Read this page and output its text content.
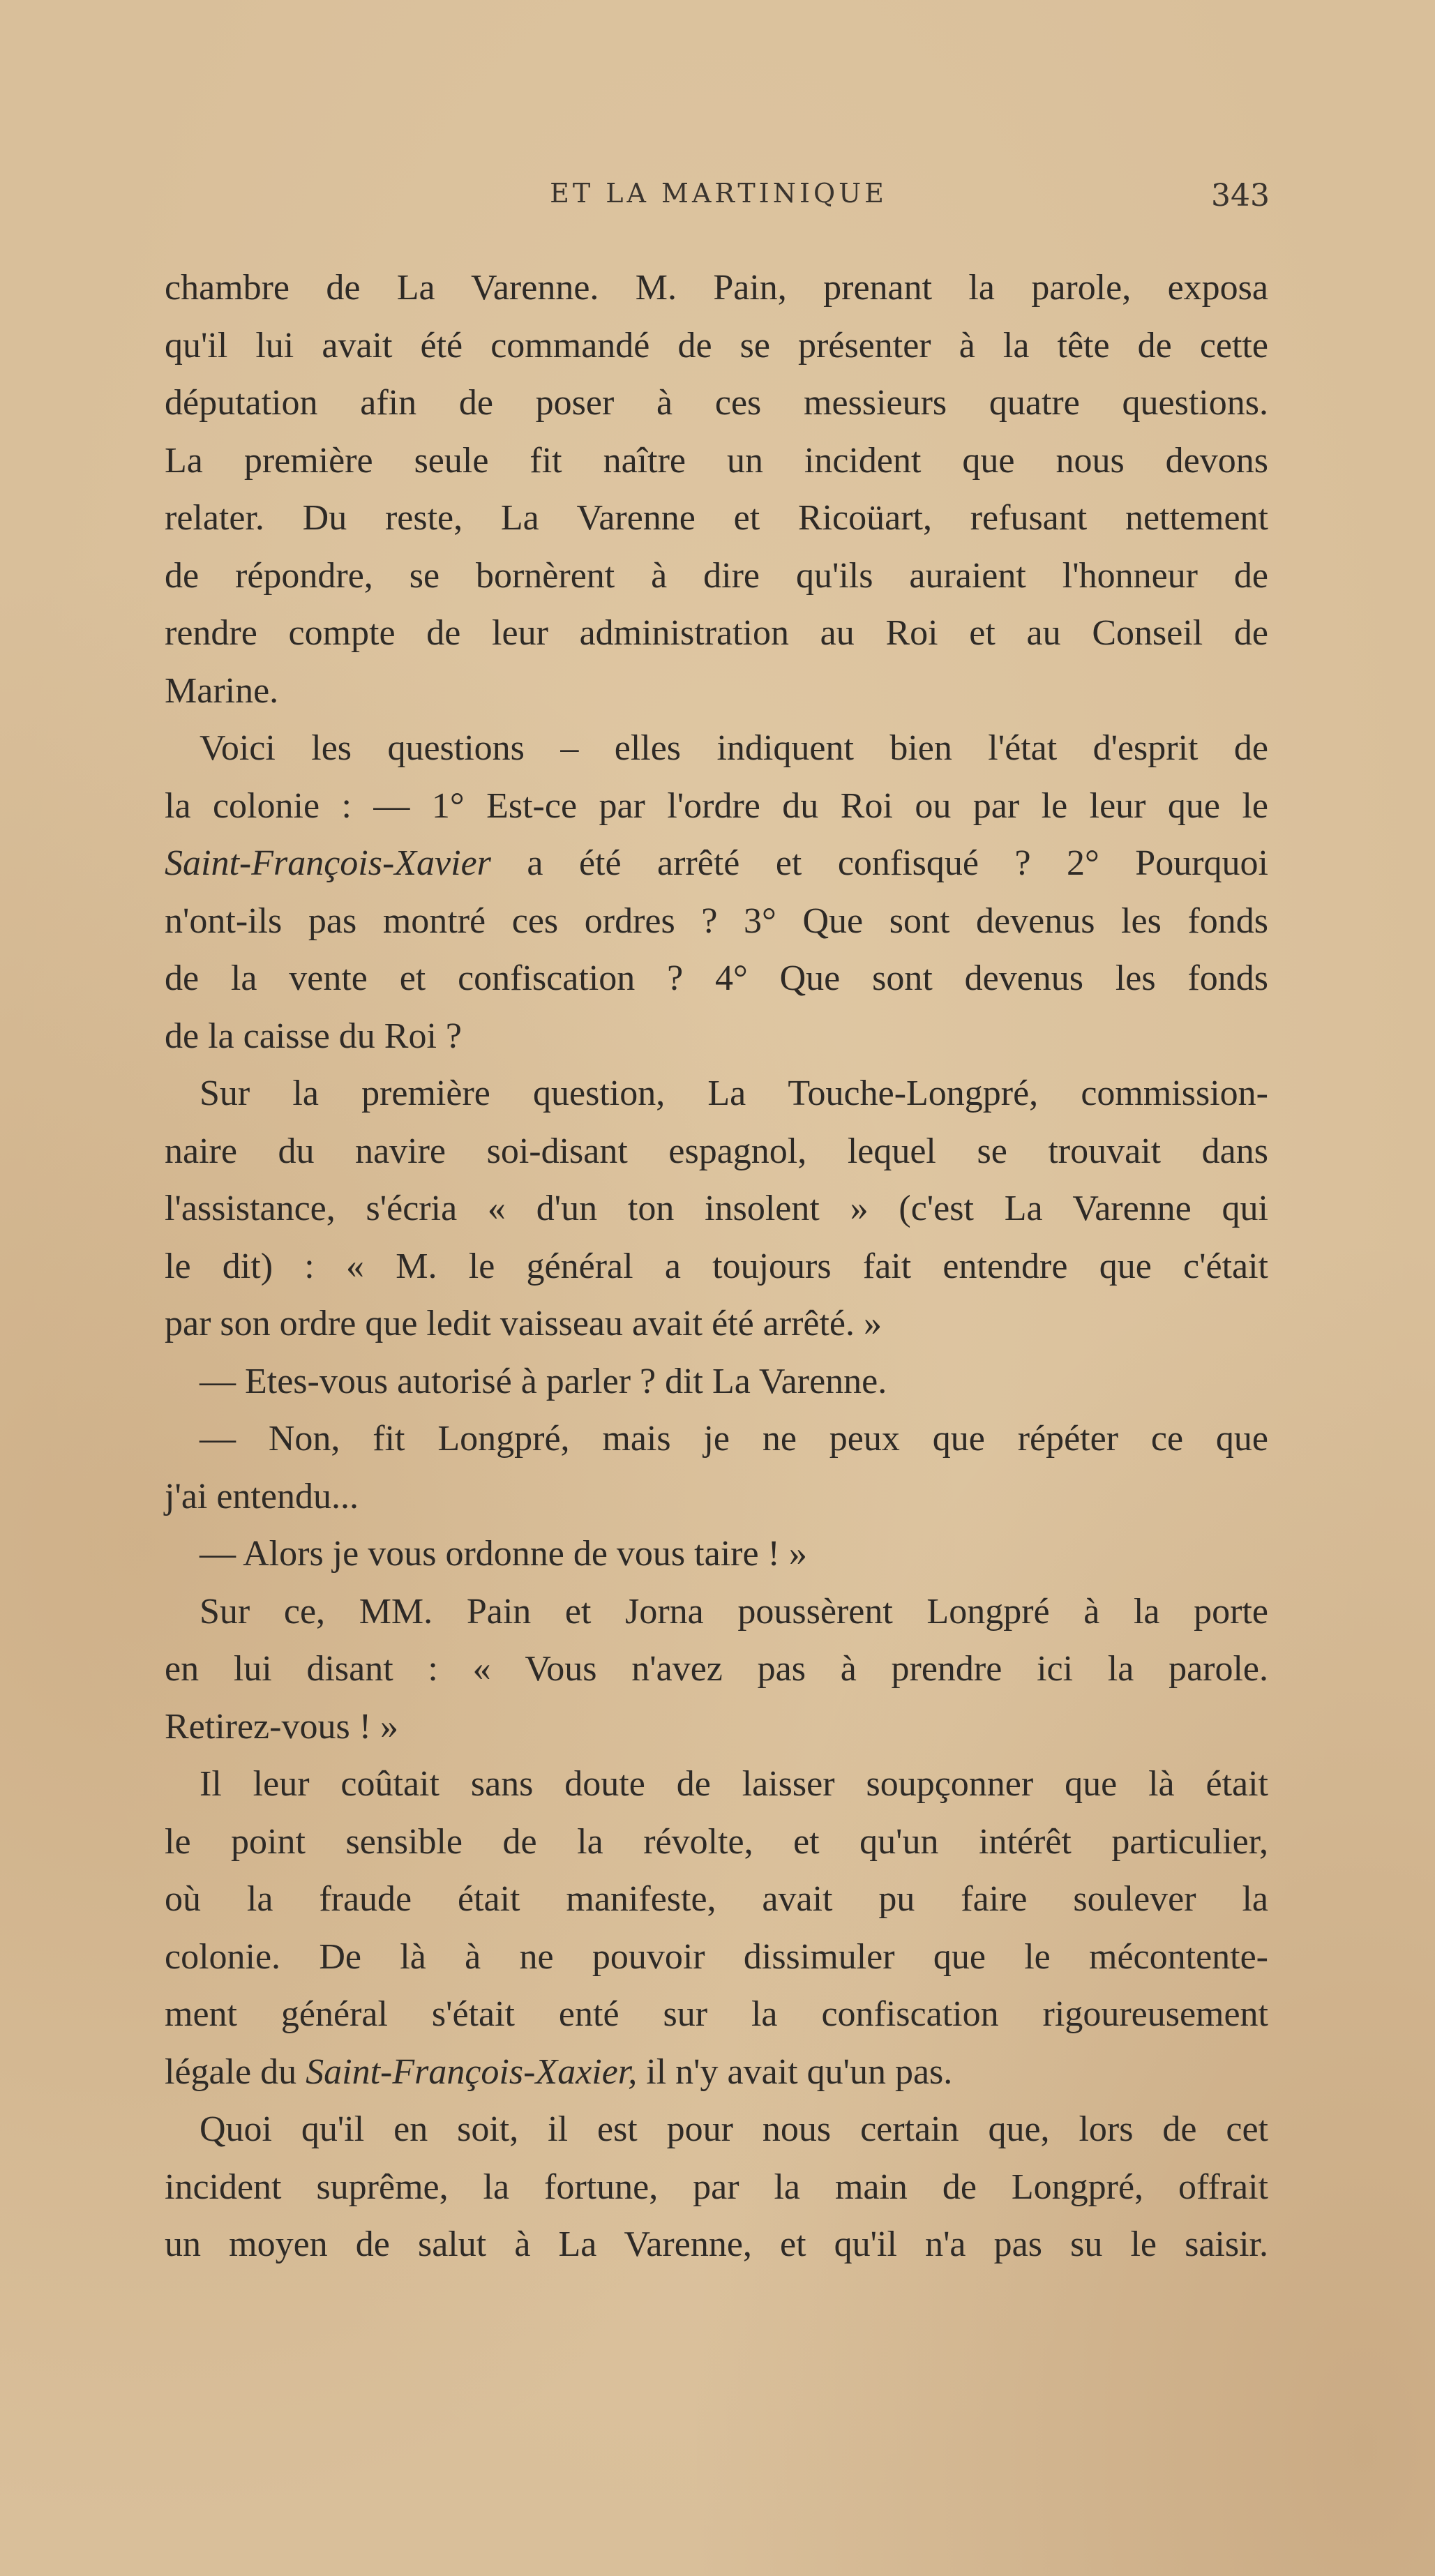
ET LA MARTINIQUE	343
chambre de La Varenne. M. Pain, prenant la parole, exposa
qu'il lui avait été commandé de se présenter à la tête de cette
députation afin de poser à ces messieurs quatre questions.
La première seule fit naître un incident que nous devons
relater. Du reste, La Varenne et Ricoüart, refusant nettement
de répondre, se bornèrent à dire qu'ils auraient l'honneur de
rendre compte de leur administration au Roi et au Conseil de
Marine.
Voici les questions – elles indiquent bien l'état d'esprit de
la colonie : — 1° Est-ce par l'ordre du Roi ou par le leur que le
Saint-François-Xavier a été arrêté et confisqué ? 2° Pourquoi
n'ont-ils pas montré ces ordres ? 3° Que sont devenus les fonds
de la vente et confiscation ? 4° Que sont devenus les fonds
de la caisse du Roi ?
Sur la première question, La Touche-Longpré, commission-
naire du navire soi-disant espagnol, lequel se trouvait dans
l'assistance, s'écria « d'un ton insolent » (c'est La Varenne qui
le dit) : « M. le général a toujours fait entendre que c'était
par son ordre que ledit vaisseau avait été arrêté. »
— Etes-vous autorisé à parler ? dit La Varenne.
— Non, fit Longpré, mais je ne peux que répéter ce que
j'ai entendu...
— Alors je vous ordonne de vous taire ! »
Sur ce, MM. Pain et Jorna poussèrent Longpré à la porte
en lui disant : « Vous n'avez pas à prendre ici la parole.
Retirez-vous ! »
Il leur coûtait sans doute de laisser soupçonner que là était
le point sensible de la révolte, et qu'un intérêt particulier,
où la fraude était manifeste, avait pu faire soulever la
colonie. De là à ne pouvoir dissimuler que le mécontente-
ment général s'était enté sur la confiscation rigoureusement
légale du Saint-François-Xaxier, il n'y avait qu'un pas.
Quoi qu'il en soit, il est pour nous certain que, lors de cet
incident suprême, la fortune, par la main de Longpré, offrait
un moyen de salut à La Varenne, et qu'il n'a pas su le saisir.
